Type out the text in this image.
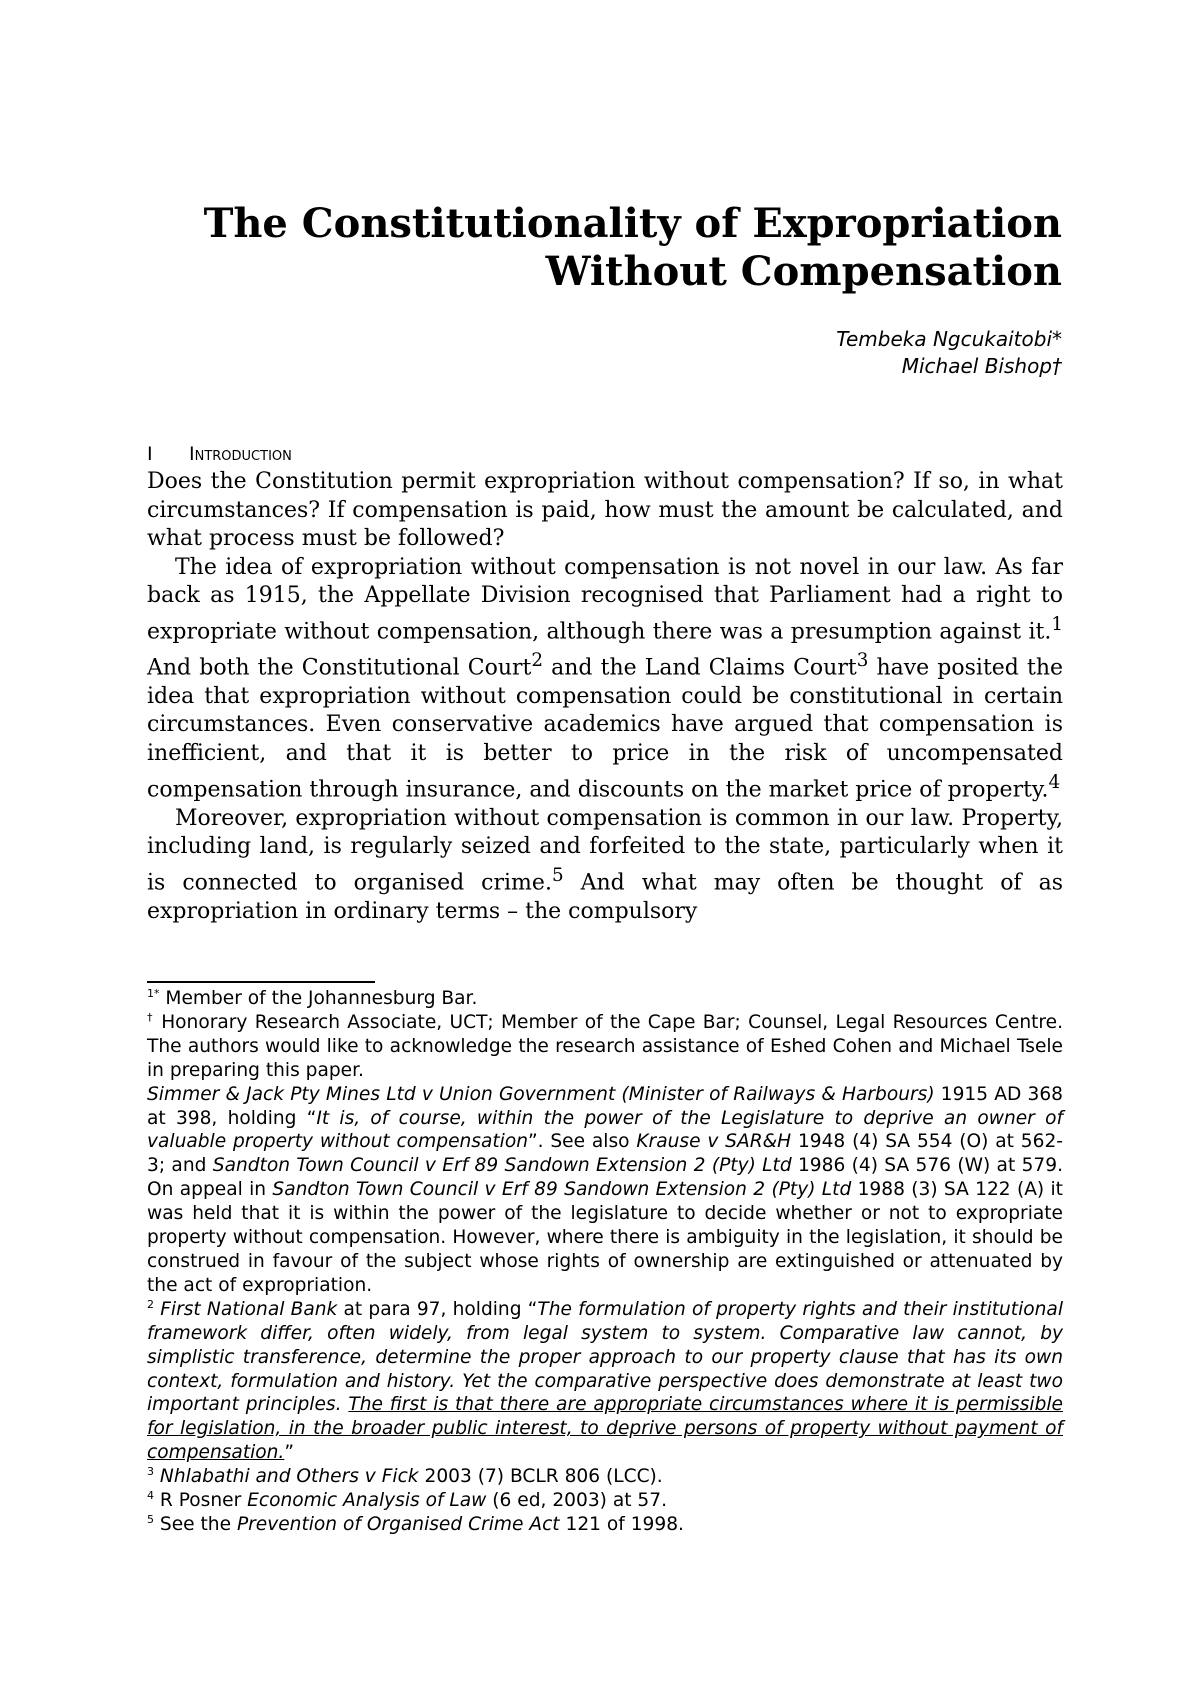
The Constitutionality of Expropriation
Without Compensation
Tembeka Ngcukaitobi*
Michael Bishop†
I Introduction

Does the Constitution permit expropriation without compensation? If so, in what circumstances? If compensation is paid, how must the amount be calculated, and what process must be followed?

The idea of expropriation without compensation is not novel in our law. As far back as 1915, the Appellate Division recognised that Parliament had a right to expropriate without compensation, although there was a presumption against it.$^1$ And both the Constitutional Court$^2$ and the Land Claims Court$^3$ have posited the idea that expropriation without compensation could be constitutional in certain circumstances. Even conservative academics have argued that compensation is inefficient, and that it is better to price in the risk of uncompensated compensation through insurance, and discounts on the market price of property.$^4$

Moreover, expropriation without compensation is common in our law. Property, including land, is regularly seized and forfeited to the state, particularly when it is connected to organised crime.$^5$ And what may often be thought of as expropriation in ordinary terms – the compulsory

$^{1*}$ Member of the Johannesburg Bar.

† Honorary Research Associate, UCT; Member of the Cape Bar; Counsel, Legal Resources Centre. The authors would like to acknowledge the research assistance of Eshed Cohen and Michael Tsele in preparing this paper.

Simmer & Jack Pty Mines Ltd v Union Government (Minister of Railways & Harbours) 1915 AD 368 at 398, holding “It is, of course, within the power of the Legislature to deprive an owner of valuable property without compensation”. See also Krause v SAR&H 1948 (4) SA 554 (O) at 562-3; and Sandton Town Council v Erf 89 Sandown Extension 2 (Pty) Ltd 1986 (4) SA 576 (W) at 579. On appeal in Sandton Town Council v Erf 89 Sandown Extension 2 (Pty) Ltd 1988 (3) SA 122 (A) it was held that it is within the power of the legislature to decide whether or not to expropriate property without compensation. However, where there is ambiguity in the legislation, it should be construed in favour of the subject whose rights of ownership are extinguished or attenuated by the act of expropriation.

$^2$ First National Bank at para 97, holding “The formulation of property rights and their institutional framework differ, often widely, from legal system to system. Comparative law cannot, by simplistic transference, determine the proper approach to our property clause that has its own context, formulation and history. Yet the comparative perspective does demonstrate at least two important principles. The first is that there are appropriate circumstances where it is permissible for legislation, in the broader public interest, to deprive persons of property without payment of compensation.”

$^3$ Nhlabathi and Others v Fick 2003 (7) BCLR 806 (LCC).

$^4$ R Posner Economic Analysis of Law (6 ed, 2003) at 57.

$^5$ See the Prevention of Organised Crime Act 121 of 1998.
